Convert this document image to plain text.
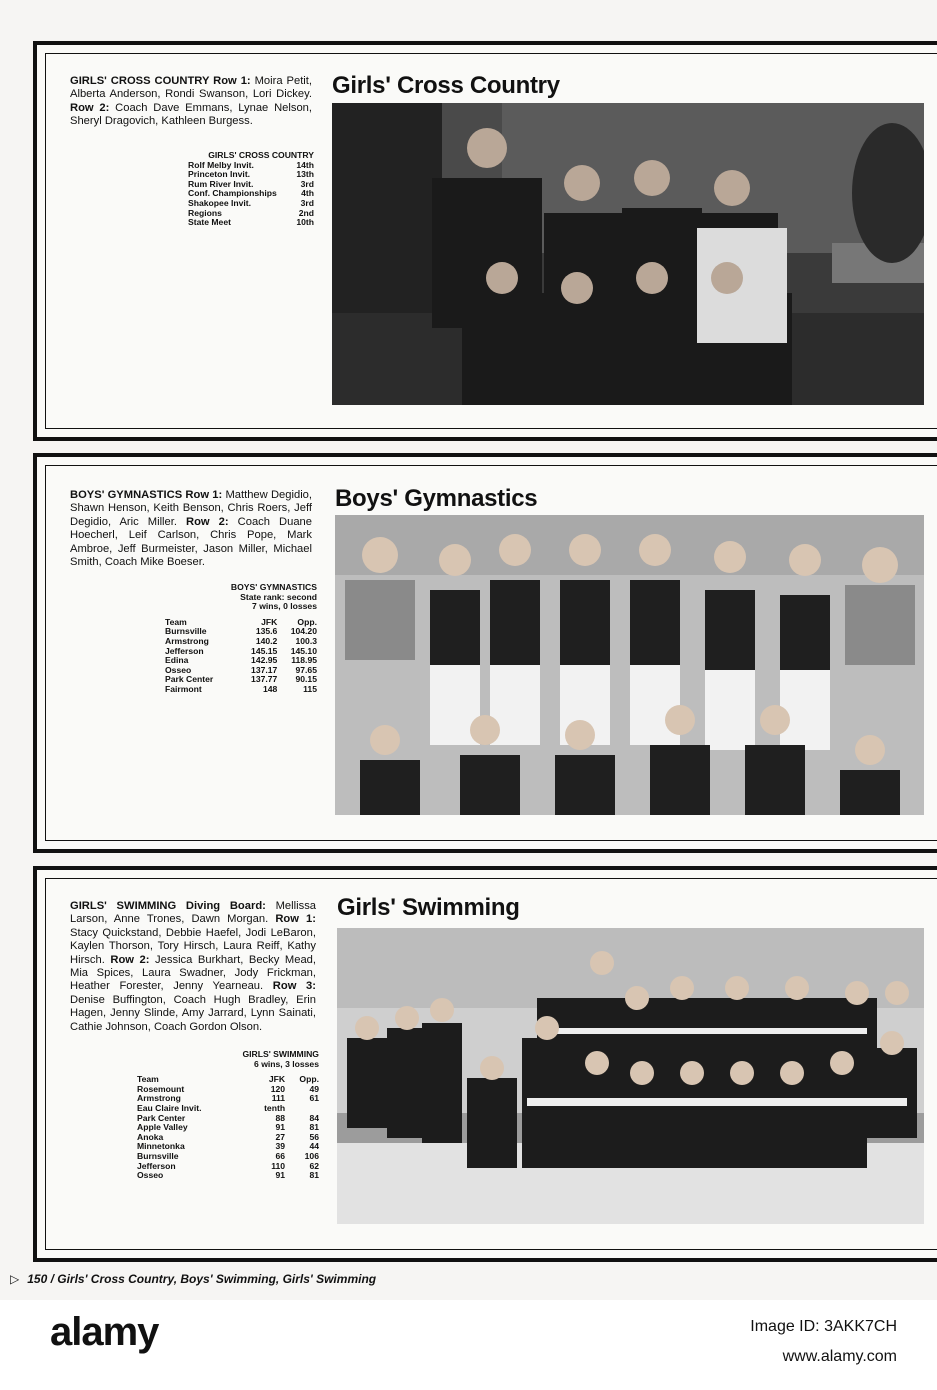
GIRLS' CROSS COUNTRY Row 1: Moira Petit, Alberta Anderson, Rondi Swanson, Lori Dickey. Row 2: Coach Dave Emmans, Lynae Nelson, Sheryl Dragovich, Kathleen Burgess.
GIRLS' CROSS COUNTRY
Rolf Melby Invit.	14th
Princeton Invit.	13th
Rum River Invit.	3rd
Conf. Championships	4th
Shakopee Invit.	3rd
Regions	2nd
State Meet	10th
Girls' Cross Country
BOYS' GYMNASTICS Row 1: Matthew Degidio, Shawn Henson, Keith Benson, Chris Roers, Jeff Degidio, Aric Miller. Row 2: Coach Duane Hoecherl, Leif Carlson, Chris Pope, Mark Ambroe, Jeff Burmeister, Jason Miller, Michael Smith, Coach Mike Boeser.
BOYS' GYMNASTICS
State rank: second
7 wins, 0 losses
Team	JFK	Opp.
Burnsville	135.6	104.20
Armstrong	140.2	100.3
Jefferson	145.15	145.10
Edina	142.95	118.95
Osseo	137.17	97.65
Park Center	137.77	90.15
Fairmont	148	115
Boys' Gymnastics
GIRLS' SWIMMING Diving Board: Mellissa Larson, Anne Trones, Dawn Morgan. Row 1: Stacy Quickstand, Debbie Haefel, Jodi LeBaron, Kaylen Thorson, Tory Hirsch, Laura Reiff, Kathy Hirsch. Row 2: Jessica Burkhart, Becky Mead, Mia Spices, Laura Swadner, Jody Frickman, Heather Forester, Jenny Yearneau. Row 3: Denise Buffington, Coach Hugh Bradley, Erin Hagen, Jenny Slinde, Amy Jarrard, Lynn Sainati, Cathie Johnson, Coach Gordon Olson.
GIRLS' SWIMMING
6 wins, 3 losses
Team	JFK	Opp.
Rosemount	120	49
Armstrong	111	61
Eau Claire Invit.	tenth	
Park Center	88	84
Apple Valley	91	81
Anoka	27	56
Minnetonka	39	44
Burnsville	66	106
Jefferson	110	62
Osseo	91	81
Girls' Swimming
▷ 150 / Girls' Cross Country, Boys' Swimming, Girls' Swimming
alamy	Image ID: 3AKK7CH
www.alamy.com
